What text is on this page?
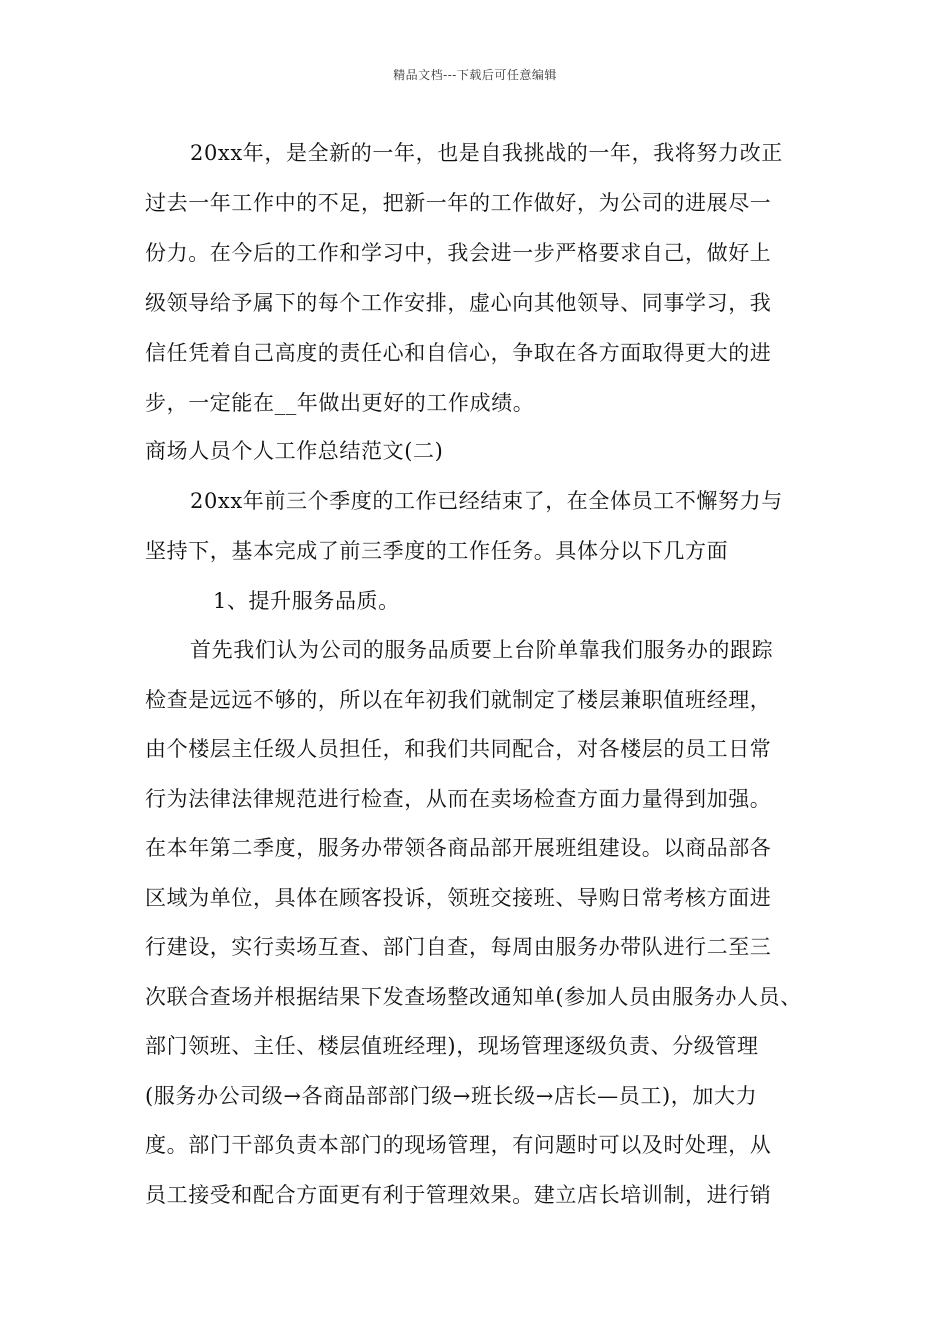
精品文档---下载后可任意编辑
20xx年，是全新的一年，也是自我挑战的一年，我将努力改正
过去一年工作中的不足，把新一年的工作做好，为公司的进展尽一
份力。在今后的工作和学习中，我会进一步严格要求自己，做好上
级领导给予属下的每个工作安排，虚心向其他领导、同事学习，我
信任凭着自己高度的责任心和自信心，争取在各方面取得更大的进
步，一定能在__年做出更好的工作成绩。
商场人员个人工作总结范文(二)
20xx年前三个季度的工作已经结束了，在全体员工不懈努力与
坚持下，基本完成了前三季度的工作任务。具体分以下几方面
1、提升服务品质。
首先我们认为公司的服务品质要上台阶单靠我们服务办的跟踪
检查是远远不够的，所以在年初我们就制定了楼层兼职值班经理，
由个楼层主任级人员担任，和我们共同配合，对各楼层的员工日常
行为法律法律规范进行检查，从而在卖场检查方面力量得到加强。
在本年第二季度，服务办带领各商品部开展班组建设。以商品部各
区域为单位，具体在顾客投诉，领班交接班、导购日常考核方面进
行建设，实行卖场互查、部门自查，每周由服务办带队进行二至三
次联合查场并根据结果下发查场整改通知单(参加人员由服务办人员、
部门领班、主任、楼层值班经理)，现场管理逐级负责、分级管理
(服务办公司级→各商品部部门级→班长级→店长—员工)，加大力
度。部门干部负责本部门的现场管理，有问题时可以及时处理，从
员工接受和配合方面更有利于管理效果。建立店长培训制，进行销
